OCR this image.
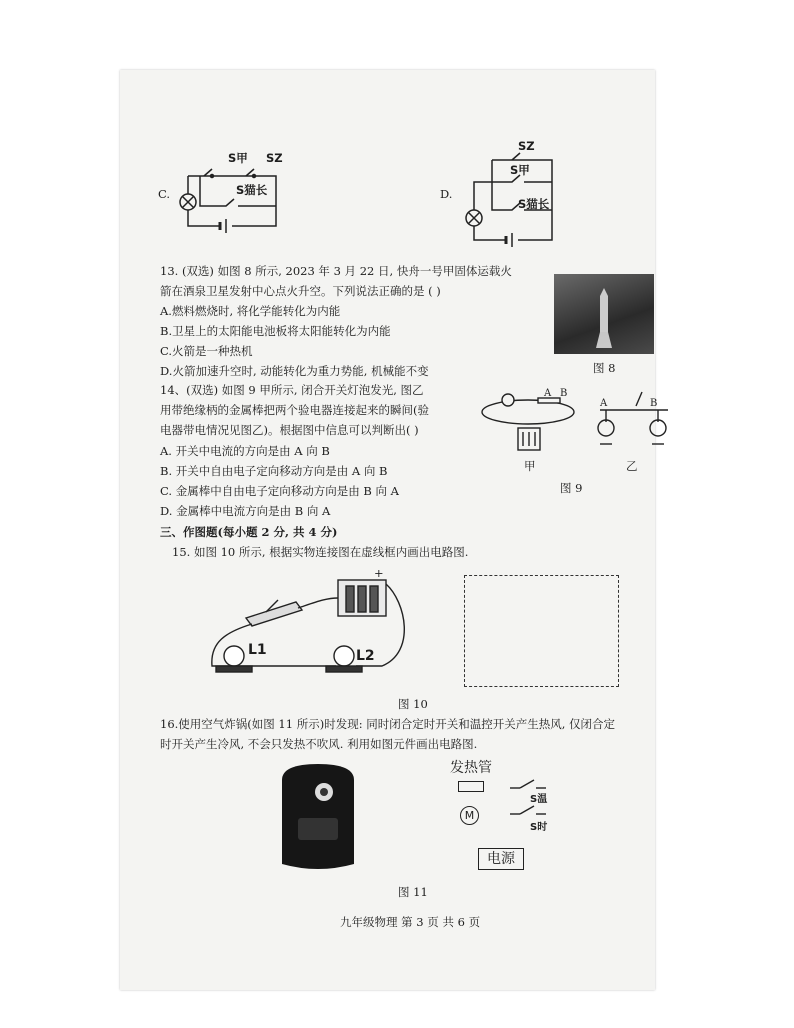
C.
S甲 SZ
S猫长	D.
SZ
S甲
S猫长
13. (双选) 如图 8 所示, 2023 年 3 月 22 日, 快舟一号甲固体运载火
箭在酒泉卫星发射中心点火升空。下列说法正确的是 ( )
A.燃料燃烧时, 将化学能转化为内能
B.卫星上的太阳能电池板将太阳能转化为内能
C.火箭是一种热机
D.火箭加速升空时, 动能转化为重力势能, 机械能不变	图 8
14、(双选) 如图 9 甲所示, 闭合开关灯泡发光, 图乙
用带绝缘柄的金属棒把两个验电器连接起来的瞬间(验
电器带电情况见图乙)。根据图中信息可以判断出( )
A. 开关中电流的方向是由 A 向 B
B. 开关中自由电子定向移动方向是由 A 向 B
C. 金属棒中自由电子定向移动方向是由 B 向 A
D. 金属棒中电流方向是由 B 向 A
A B
甲
A	B
乙
图 9
三、作图题(每小题 2 分, 共 4 分)
15. 如图 10 所示, 根据实物连接图在虚线框内画出电路图.
+
L1	L2
图 10
16.使用空气炸锅(如图 11 所示)时发现: 同时闭合定时开关和温控开关产生热风, 仅闭合定
时开关产生冷风, 不会只发热不吹风. 利用如图元件画出电路图.
发热管
M
S温
S时
电源
图 11
九年级物理 第 3 页 共 6 页
